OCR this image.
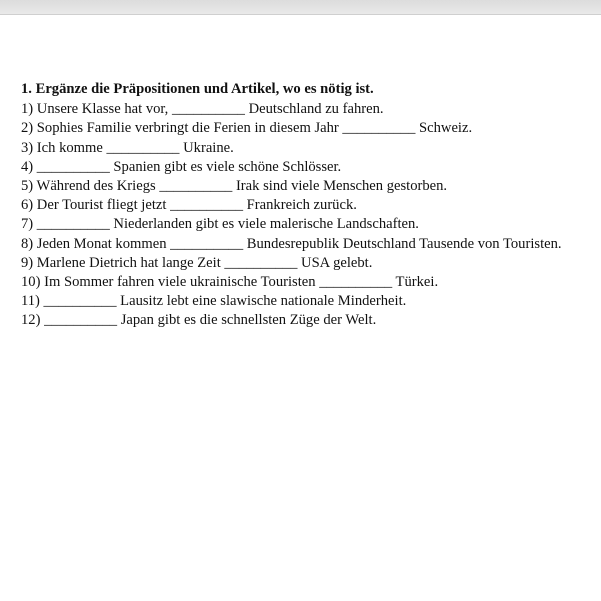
1. Ergänze die Präpositionen und Artikel, wo es nötig ist.
1) Unsere Klasse hat vor, __________ Deutschland zu fahren.
2) Sophies Familie verbringt die Ferien in diesem Jahr __________ Schweiz.
3) Ich komme __________ Ukraine.
4) __________ Spanien gibt es viele schöne Schlösser.
5) Während des Kriegs __________ Irak sind viele Menschen gestorben.
6) Der Tourist fliegt jetzt __________ Frankreich zurück.
7) __________ Niederlanden gibt es viele malerische Landschaften.
8) Jeden Monat kommen __________ Bundesrepublik Deutschland Tausende von Touristen.
9) Marlene Dietrich hat lange Zeit __________ USA gelebt.
10) Im Sommer fahren viele ukrainische Touristen __________ Türkei.
11) __________ Lausitz lebt eine slawische nationale Minderheit.
12) __________ Japan gibt es die schnellsten Züge der Welt.
